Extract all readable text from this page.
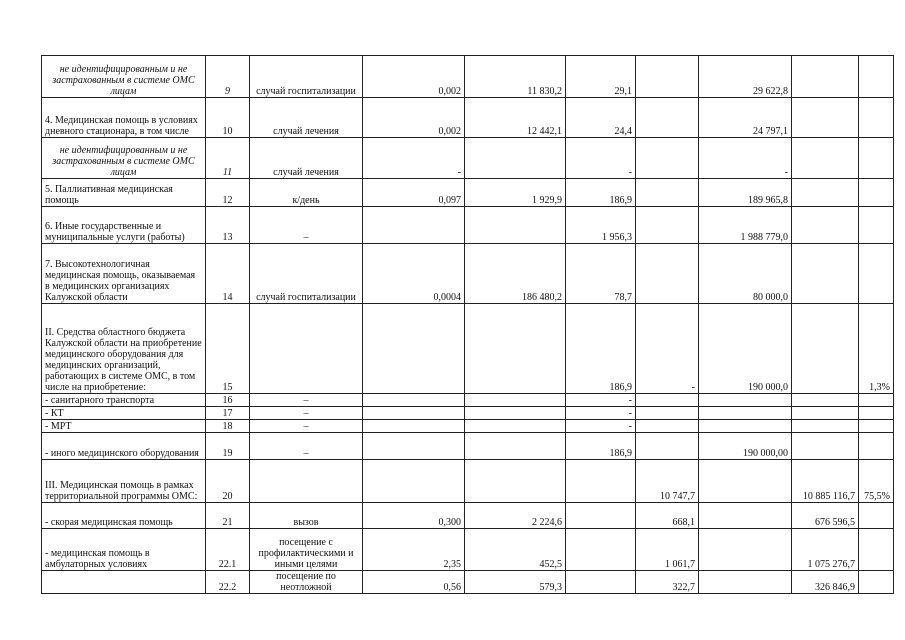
не идентифицированным и не застрахованным в системе ОМС лицам	9	случай госпитализации	0,002	11 830,2	29,1		29 622,8		
4. Медицинская помощь в условиях дневного стационара, в том числе	10	случай лечения	0,002	12 442,1	24,4		24 797,1		
не идентифицированным и не застрахованным в системе ОМС лицам	11	случай лечения	-		-		-		
5. Паллиативная медицинская помощь	12	к/день	0,097	1 929,9	186,9		189 965,8		
6. Иные государственные и муниципальные услуги (работы)	13	–			1 956,3		1 988 779,0		
7. Высокотехнологичная медицинская помощь, оказываемая в медицинских организациях Калужской области	14	случай госпитализации	0,0004	186 480,2	78,7		80 000,0		
II. Средства областного бюджета Калужской области на приобретение медицинского оборудования для медицинских организаций, работающих в системе ОМС, в том числе на приобретение:	15				186,9	-	190 000,0		1,3%
- санитарного транспорта	16	–			-				
- КТ	17	–			-				
- МРТ	18	–			-				
- иного медицинского оборудования	19	–			186,9		190 000,00		
III. Медицинская помощь в рамках территориальной программы ОМС:	20					10 747,7		10 885 116,7	75,5%
- скорая медицинская помощь	21	вызов	0,300	2 224,6		668,1		676 596,5	
- медицинская помощь в амбулаторных условиях	22.1	посещение с профилактическими и иными целями	2,35	452,5		1 061,7		1 075 276,7	
	22.2	посещение по неотложной	0,56	579,3		322,7		326 846,9	
